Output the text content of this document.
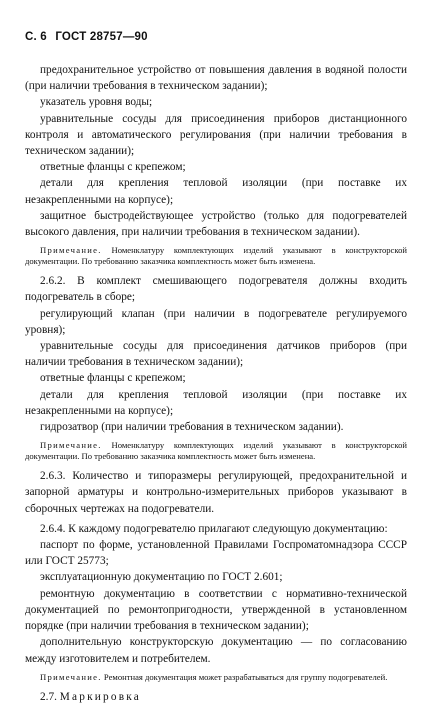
С. 6 ГОСТ 28757—90

предохранительное устройство от повышения давления в водяной полости (при наличии требования в техническом задании);

указатель уровня воды;

уравнительные сосуды для присоединения приборов дистанционного контроля и автоматического регулирования (при наличии требования в техническом задании);

ответные фланцы с крепежом;

детали для крепления тепловой изоляции (при поставке их незакрепленными на корпусе);

защитное быстродействующее устройство (только для подогревателей высокого давления, при наличии требования в техническом задании).

Примечание. Номенклатуру комплектующих изделий указывают в конструкторской документации. По требованию заказчика комплектность может быть изменена.

2.6.2. В комплект смешивающего подогревателя должны входить подогреватель в сборе;

регулирующий клапан (при наличии в подогревателе регулируемого уровня);

уравнительные сосуды для присоединения датчиков приборов (при наличии требования в техническом задании);

ответные фланцы с крепежом;

детали для крепления тепловой изоляции (при поставке их незакрепленными на корпусе);

гидрозатвор (при наличии требования в техническом задании).

Примечание. Номенклатуру комплектующих изделий указывают в конструкторской документации. По требованию заказчика комплектность может быть изменена.

2.6.3. Количество и типоразмеры регулирующей, предохранительной и запорной арматуры и контрольно-измерительных приборов указывают в сборочных чертежах на подогреватели.

2.6.4. К каждому подогревателю прилагают следующую документацию:

паспорт по форме, установленной Правилами Госпроматомнадзора СССР или ГОСТ 25773;

эксплуатационную документацию по ГОСТ 2.601;

ремонтную документацию в соответствии с нормативно-технической документацией по ремонтопригодности, утвержденной в установленном порядке (при наличии требования в техническом задании);

дополнительную конструкторскую документацию — по согласованию между изготовителем и потребителем.

Примечание. Ремонтная документация может разрабатываться для группу подогревателей.

2.7. Маркировка
